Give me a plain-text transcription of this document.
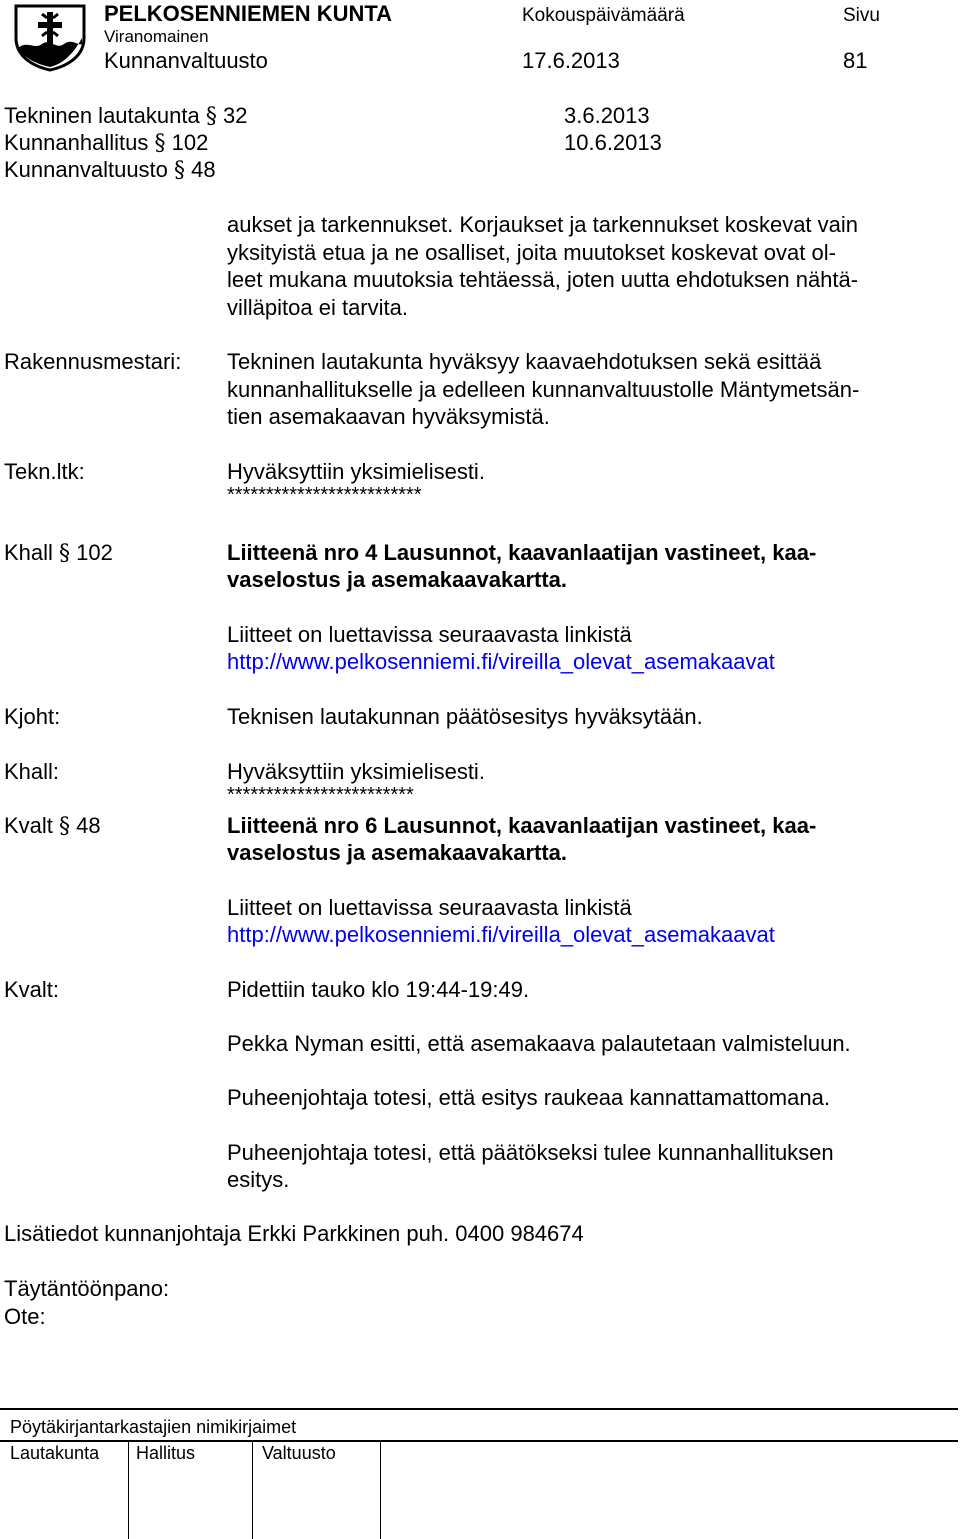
PELKOSENNIEMEN KUNTA	Kokouspäivämäärä	Sivu
Viranomainen
Kunnanvaltuusto	17.6.2013	81
Tekninen lautakunta § 32	3.6.2013
Kunnanhallitus § 102	10.6.2013
Kunnanvaltuusto § 48
aukset ja tarkennukset. Korjaukset ja tarkennukset koskevat vain
yksityistä etua ja ne osalliset, joita muutokset koskevat ovat ol-
leet mukana muutoksia tehtäessä, joten uutta ehdotuksen nähtä-
villäpitoa ei tarvita.
Rakennusmestari: Tekninen lautakunta hyväksyy kaavaehdotuksen sekä esittää
kunnanhallitukselle ja edelleen kunnanvaltuustolle Mäntymetsän-
tien asemakaavan hyväksymistä.
Tekn.ltk:	Hyväksyttiin yksimielisesti.
*************************
Khall § 102	Liitteenä nro 4 Lausunnot, kaavanlaatijan vastineet, kaa-
vaselostus ja asemakaavakartta.
Liitteet on luettavissa seuraavasta linkistä
http://www.pelkosenniemi.fi/vireilla_olevat_asemakaavat
Kjoht:	Teknisen lautakunnan päätösesitys hyväksytään.
Khall:	Hyväksyttiin yksimielisesti.
************************
Kvalt § 48	Liitteenä nro 6 Lausunnot, kaavanlaatijan vastineet, kaa-
vaselostus ja asemakaavakartta.
Liitteet on luettavissa seuraavasta linkistä
http://www.pelkosenniemi.fi/vireilla_olevat_asemakaavat
Kvalt:	Pidettiin tauko klo 19:44-19:49.
Pekka Nyman esitti, että asemakaava palautetaan valmisteluun.
Puheenjohtaja totesi, että esitys raukeaa kannattamattomana.
Puheenjohtaja totesi, että päätökseksi tulee kunnanhallituksen
esitys.
Lisätiedot kunnanjohtaja Erkki Parkkinen puh. 0400 984674
Täytäntöönpano:
Ote:
Pöytäkirjantarkastajien nimikirjaimet
Lautakunta Hallitus	Valtuusto
